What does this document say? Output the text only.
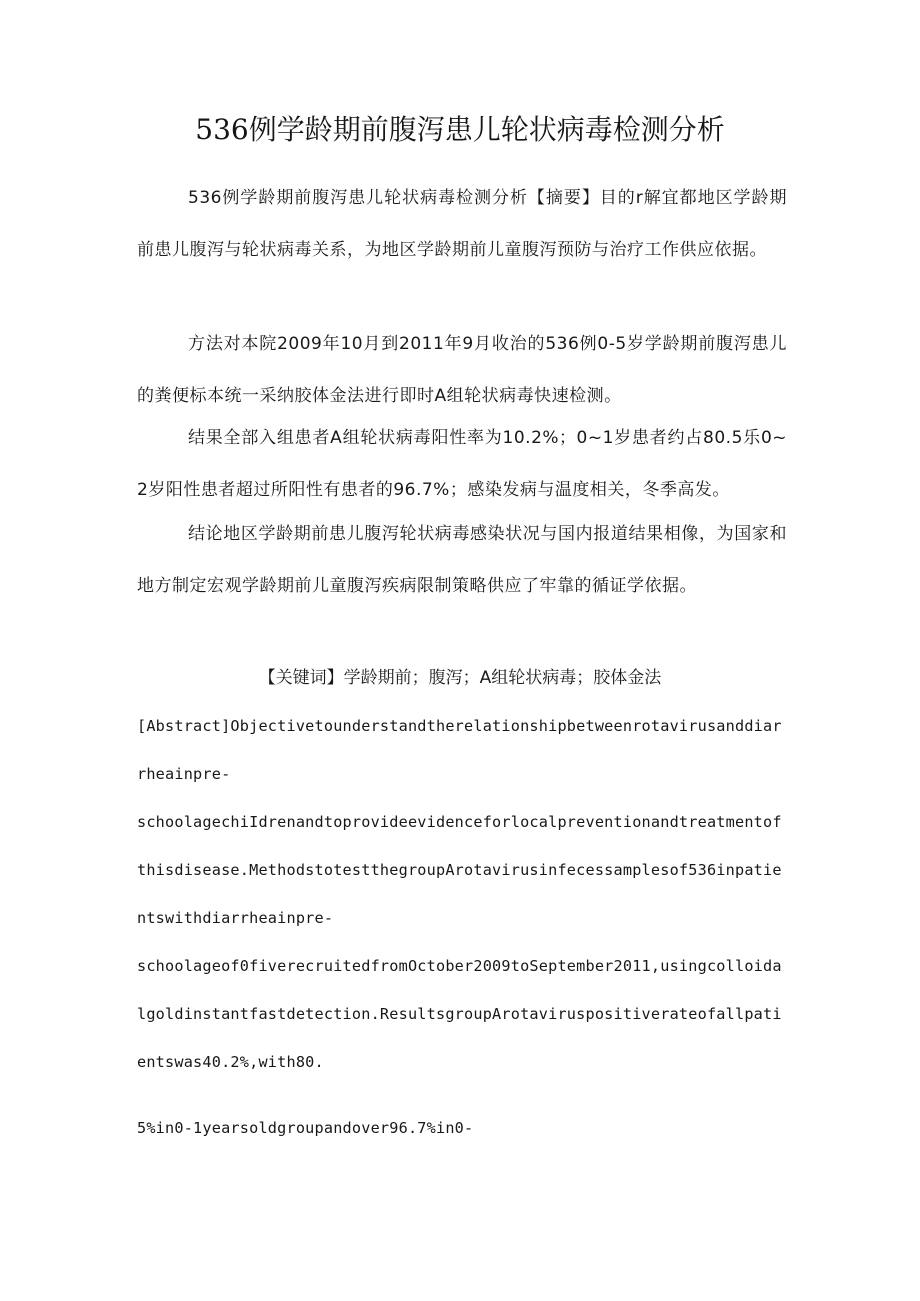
536例学龄期前腹泻患儿轮状病毒检测分析
536例学龄期前腹泻患儿轮状病毒检测分析【摘要】目的r解宜都地区学龄期前患儿腹泻与轮状病毒关系，为地区学龄期前儿童腹泻预防与治疗工作供应依据。
方法对本院2009年10月到2011年9月收治的536例0-5岁学龄期前腹泻患儿的粪便标本统一采纳胶体金法进行即时A组轮状病毒快速检测。
结果全部入组患者A组轮状病毒阳性率为10.2%；0~1岁患者约占80.5乐0~2岁阳性患者超过所阳性有患者的96.7%；感染发病与温度相关，冬季高发。
结论地区学龄期前患儿腹泻轮状病毒感染状况与国内报道结果相像，为国家和地方制定宏观学龄期前儿童腹泻疾病限制策略供应了牢靠的循证学依据。
【关键词】学龄期前；腹泻；A组轮状病毒；胶体金法
[Abstract]Objectivetounderstandtherelationshipbetweenrotavirusanddiar
rheainpre-
schoolagechiIdrenandtoprovideevidenceforlocalpreventionandtreatmentof
thisdisease.MethodstotestthegroupArotavirusinfecessamplesof536inpatie
ntswithdiarrheainpre-
schoolageof0fiverecruitedfromOctober2009toSeptember2011,usingcolloida
lgoldinstantfastdetection.ResultsgroupArotaviruspositiverateofallpati
entswas40.2%,with80.
5%in0-1yearsoldgroupandover96.7%in0-
